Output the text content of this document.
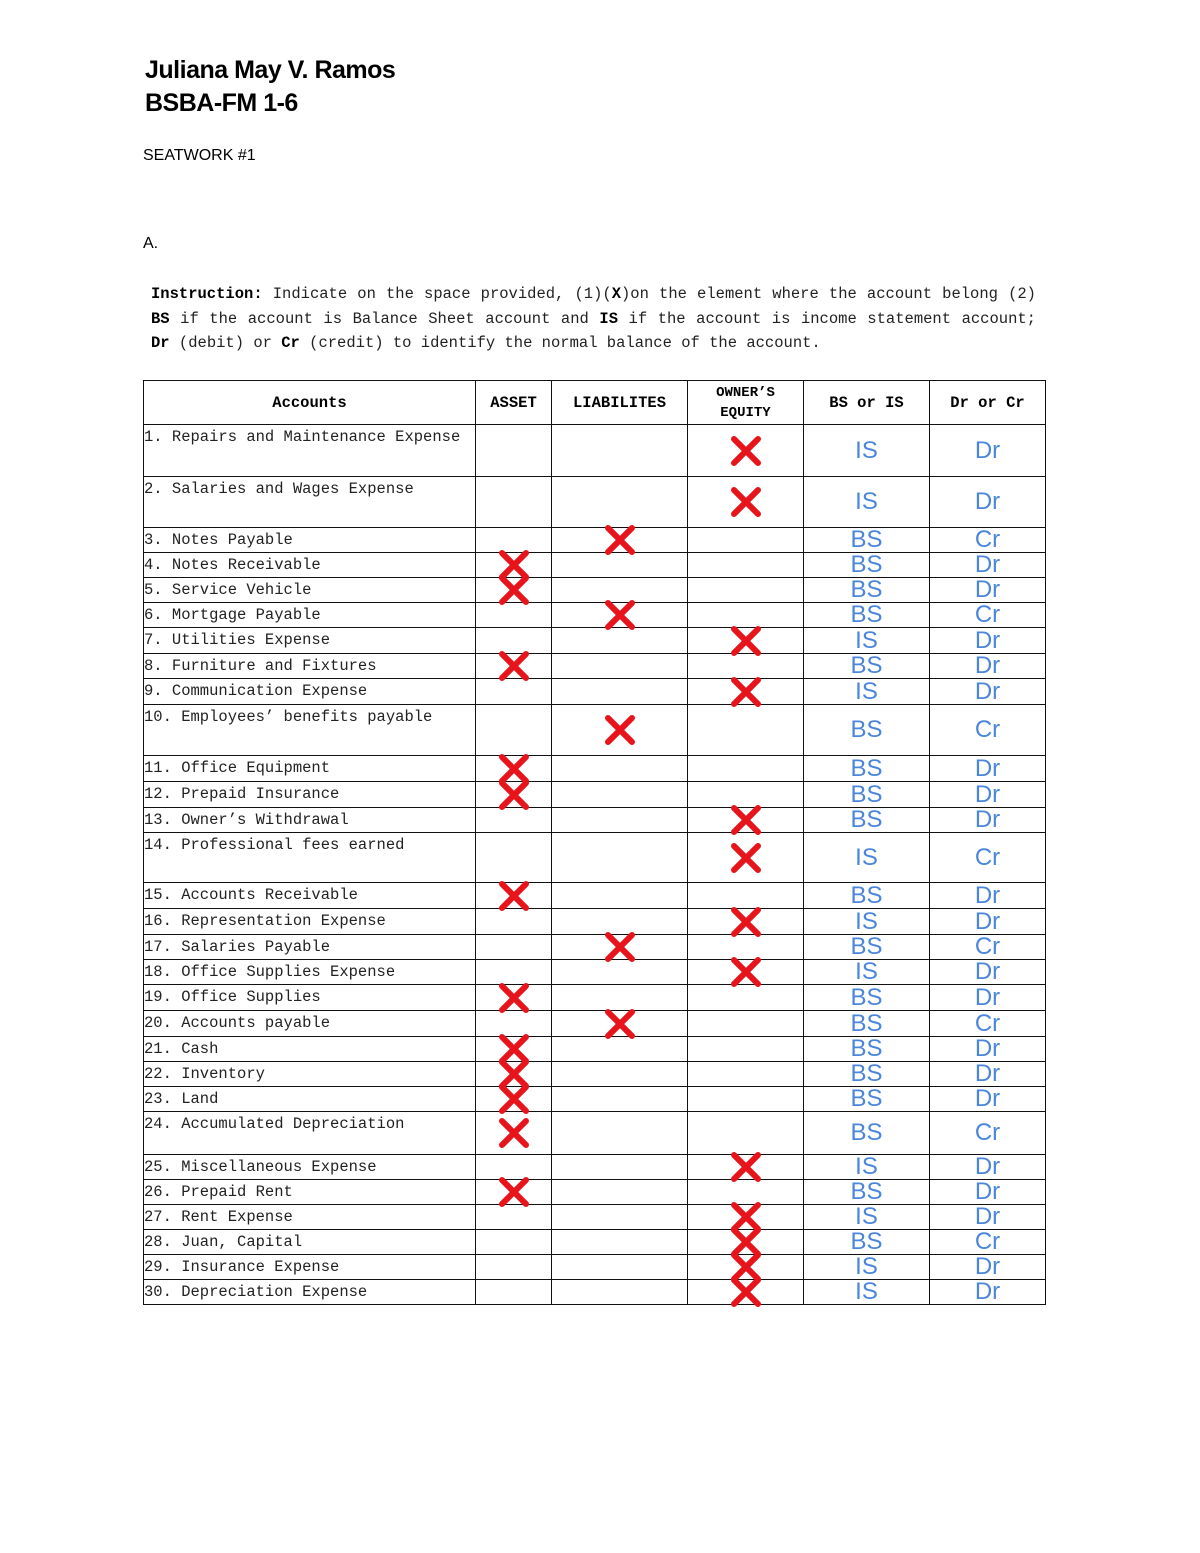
Juliana May V. Ramos
BSBA-FM 1-6
SEATWORK #1
A.
Instruction: Indicate on the space provided, (1)(X)on the element where the account belong (2) BS if the account is Balance Sheet account and IS if the account is income statement account; Dr (debit) or Cr (credit) to identify the normal balance of the account.
Accounts	ASSET	LIABILITES	OWNER’S EQUITY	BS or IS	Dr or Cr
1. Repairs and Maintenance Expense				IS	Dr
2. Salaries and Wages Expense				IS	Dr
3. Notes Payable				BS	Cr
4. Notes Receivable				BS	Dr
5. Service Vehicle				BS	Dr
6. Mortgage Payable				BS	Cr
7. Utilities Expense				IS	Dr
8. Furniture and Fixtures				BS	Dr
9. Communication Expense				IS	Dr
10. Employees’ benefits payable				BS	Cr
11. Office Equipment				BS	Dr
12. Prepaid Insurance				BS	Dr
13. Owner’s Withdrawal				BS	Dr
14. Professional fees earned				IS	Cr
15. Accounts Receivable				BS	Dr
16. Representation Expense				IS	Dr
17. Salaries Payable				BS	Cr
18. Office Supplies Expense				IS	Dr
19. Office Supplies				BS	Dr
20. Accounts payable				BS	Cr
21. Cash				BS	Dr
22. Inventory				BS	Dr
23. Land				BS	Dr
24. Accumulated Depreciation				BS	Cr
25. Miscellaneous Expense				IS	Dr
26. Prepaid Rent				BS	Dr
27. Rent Expense				IS	Dr
28. Juan, Capital				BS	Cr
29. Insurance Expense				IS	Dr
30. Depreciation Expense				IS	Dr
